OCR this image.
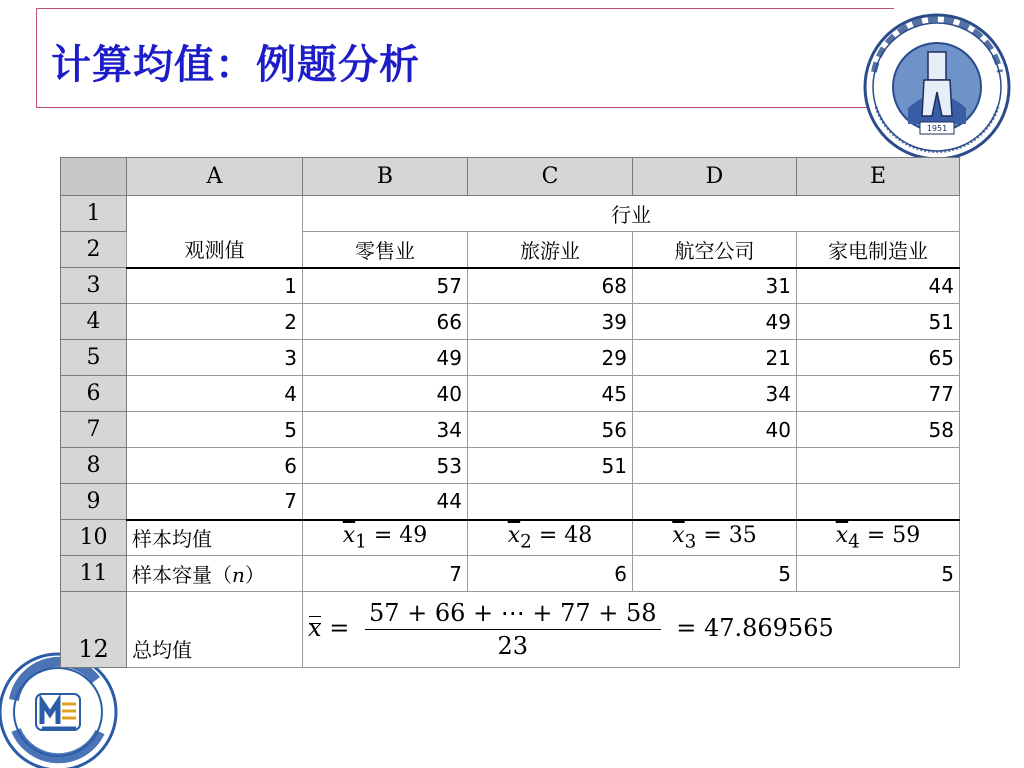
计算均值：例题分析
1951
	A	B	C	D	E
1	观测值	行业			
2		零售业	旅游业	航空公司	家电制造业
3	1	57	68	31	44
4	2	66	39	49	51
5	3	49	29	21	65
6	4	40	45	34	77
7	5	34	56	40	58
8	6	53	51		
9	7	44			
10	样本均值	$\overline{x}_1 = 49$	$\overline{x}_2 = 48$	$\overline{x}_3 = 35$	$\overline{x}_4 = 59$
11	样本容量（n）	7	6	5	5
12	总均值	$x = \frac{57 + 66 + \cdots + 77 + 58}{23} = 47.869565$			
